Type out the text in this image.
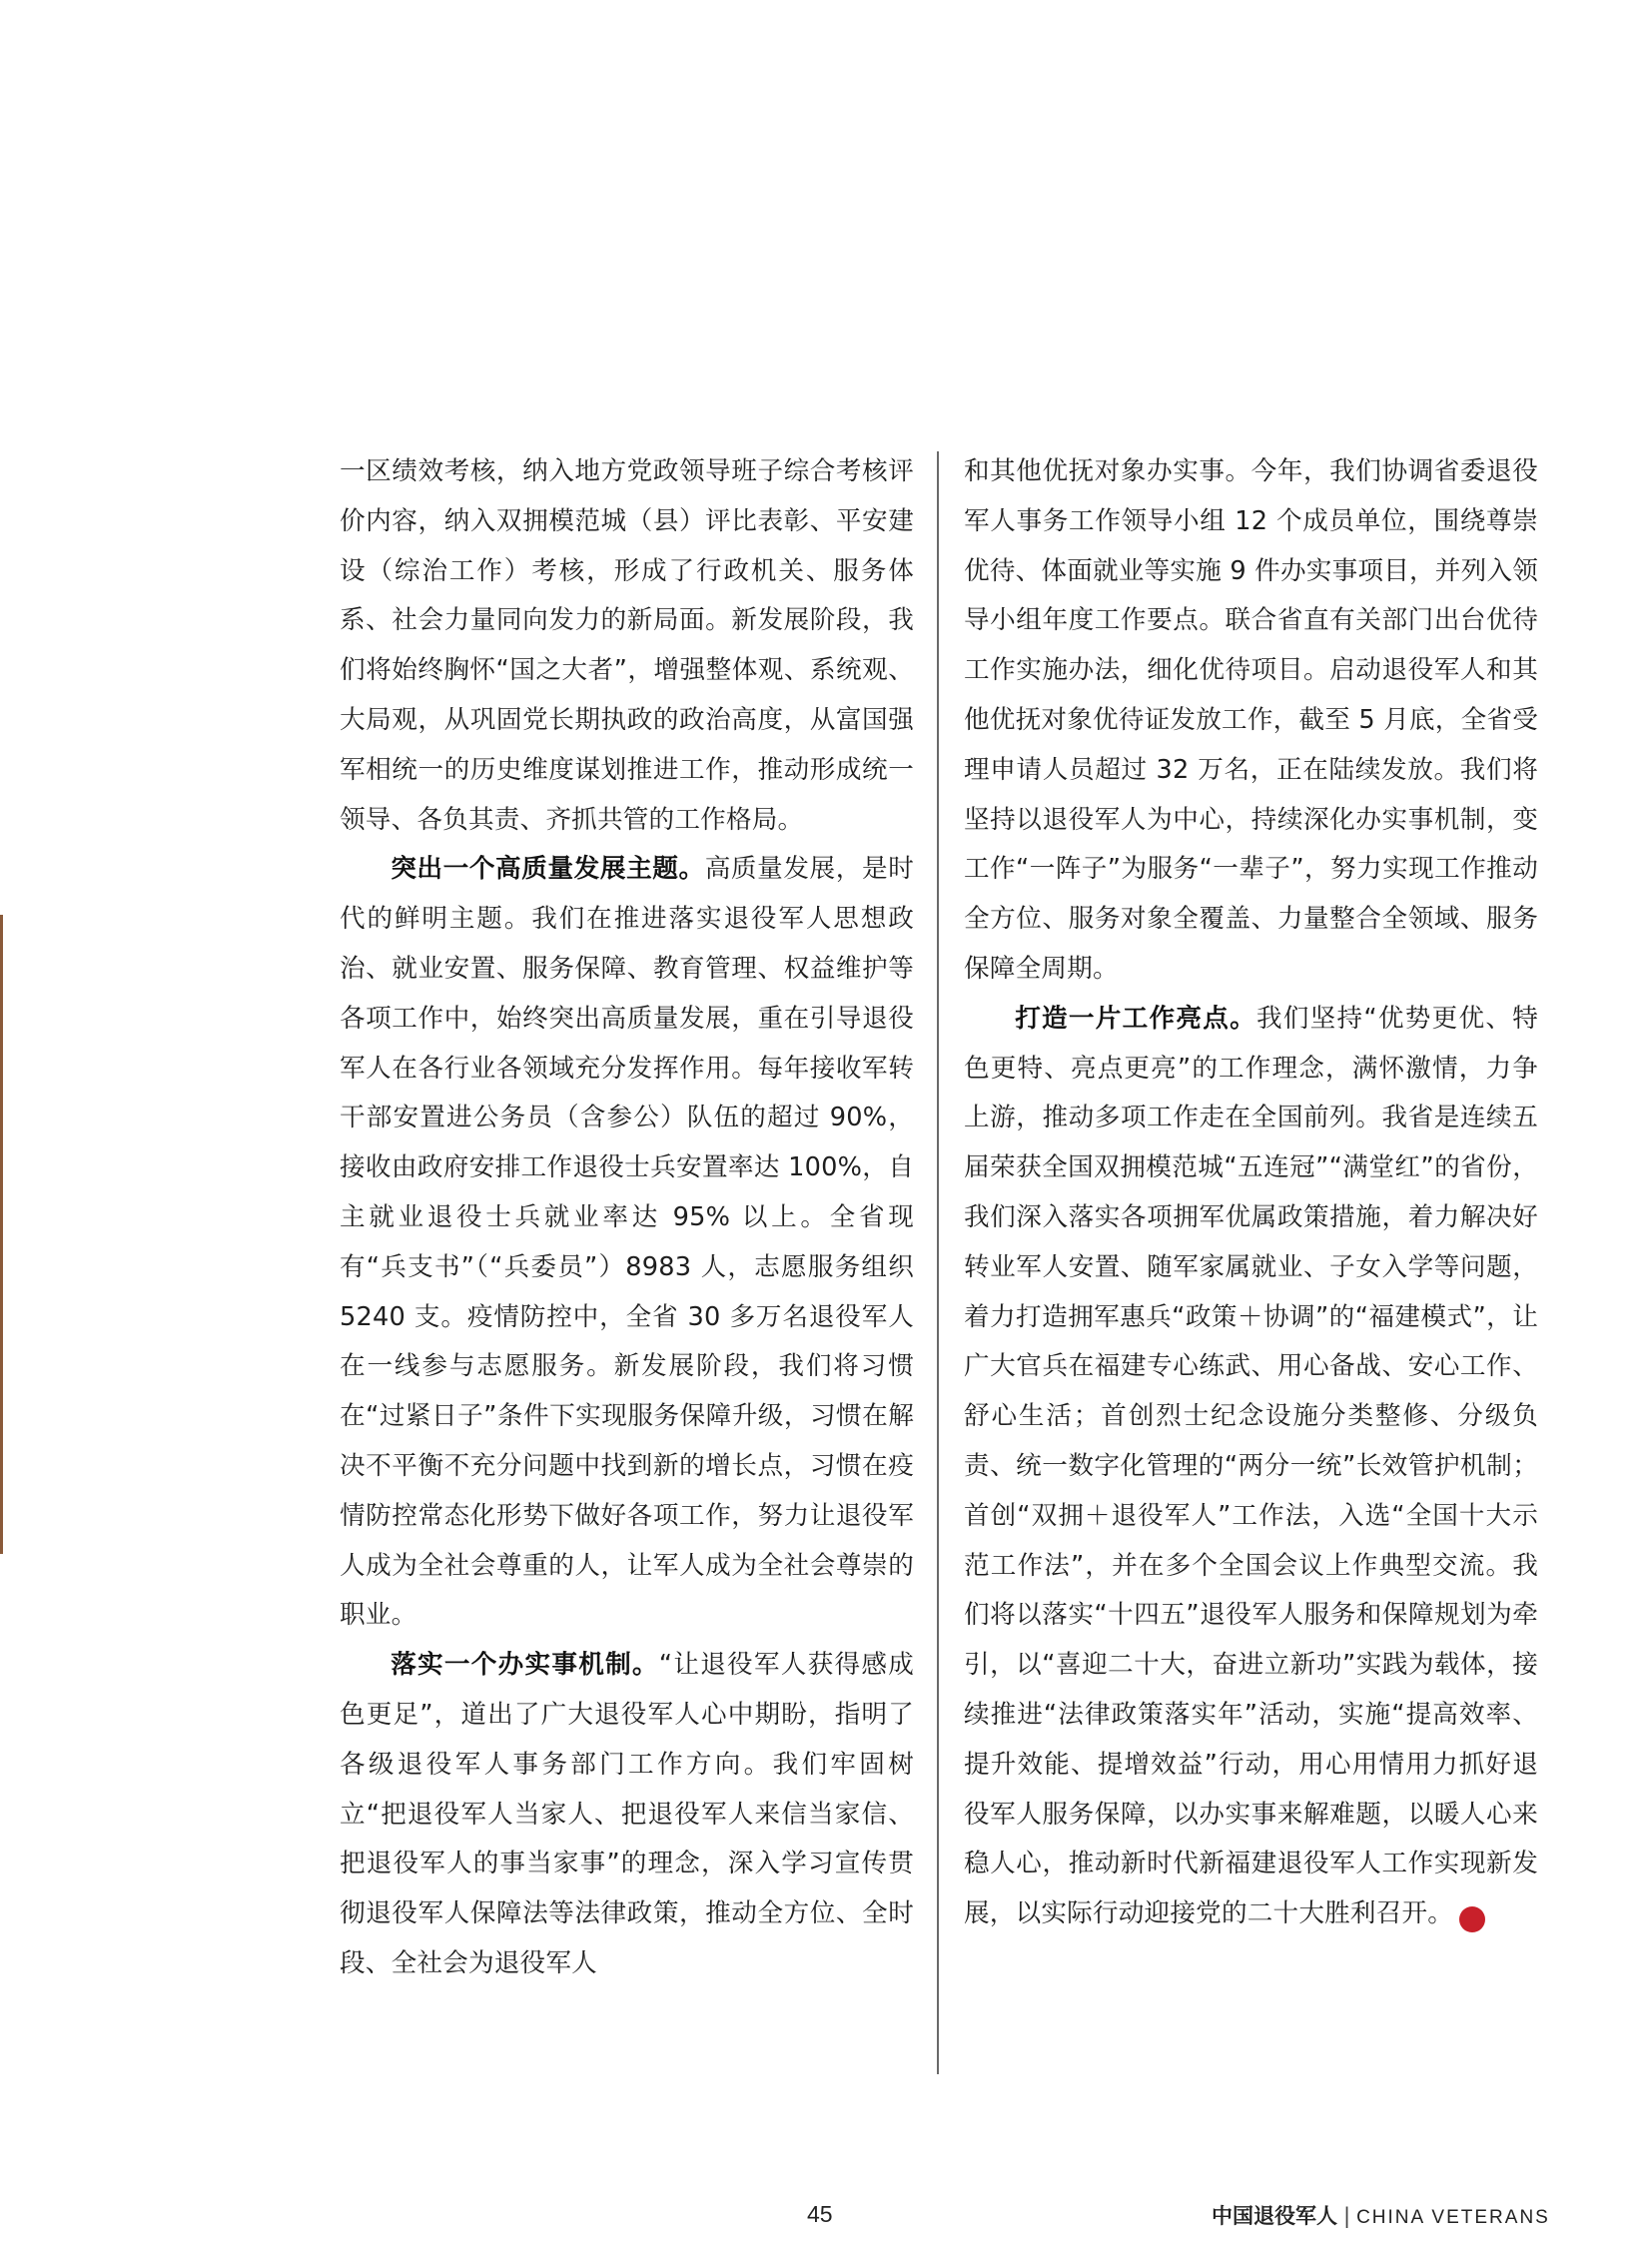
一区绩效考核，纳入地方党政领导班子综合考核评价内容，纳入双拥模范城（县）评比表彰、平安建设（综治工作）考核，形成了行政机关、服务体系、社会力量同向发力的新局面。新发展阶段，我们将始终胸怀“国之大者”，增强整体观、系统观、大局观，从巩固党长期执政的政治高度，从富国强军相统一的历史维度谋划推进工作，推动形成统一领导、各负其责、齐抓共管的工作格局。

突出一个高质量发展主题。高质量发展，是时代的鲜明主题。我们在推进落实退役军人思想政治、就业安置、服务保障、教育管理、权益维护等各项工作中，始终突出高质量发展，重在引导退役军人在各行业各领域充分发挥作用。每年接收军转干部安置进公务员（含参公）队伍的超过 90%，接收由政府安排工作退役士兵安置率达 100%，自主就业退役士兵就业率达 95% 以上。全省现有“兵支书”（“兵委员”）8983 人，志愿服务组织 5240 支。疫情防控中，全省 30 多万名退役军人在一线参与志愿服务。新发展阶段，我们将习惯在“过紧日子”条件下实现服务保障升级，习惯在解决不平衡不充分问题中找到新的增长点，习惯在疫情防控常态化形势下做好各项工作，努力让退役军人成为全社会尊重的人，让军人成为全社会尊崇的职业。

落实一个办实事机制。“让退役军人获得感成色更足”，道出了广大退役军人心中期盼，指明了各级退役军人事务部门工作方向。我们牢固树立“把退役军人当家人、把退役军人来信当家信、把退役军人的事当家事”的理念，深入学习宣传贯彻退役军人保障法等法律政策，推动全方位、全时段、全社会为退役军人

和其他优抚对象办实事。今年，我们协调省委退役军人事务工作领导小组 12 个成员单位，围绕尊崇优待、体面就业等实施 9 件办实事项目，并列入领导小组年度工作要点。联合省直有关部门出台优待工作实施办法，细化优待项目。启动退役军人和其他优抚对象优待证发放工作，截至 5 月底，全省受理申请人员超过 32 万名，正在陆续发放。我们将坚持以退役军人为中心，持续深化办实事机制，变工作“一阵子”为服务“一辈子”，努力实现工作推动全方位、服务对象全覆盖、力量整合全领域、服务保障全周期。

打造一片工作亮点。我们坚持“优势更优、特色更特、亮点更亮”的工作理念，满怀激情，力争上游，推动多项工作走在全国前列。我省是连续五届荣获全国双拥模范城“五连冠”“满堂红”的省份，我们深入落实各项拥军优属政策措施，着力解决好转业军人安置、随军家属就业、子女入学等问题，着力打造拥军惠兵“政策＋协调”的“福建模式”，让广大官兵在福建专心练武、用心备战、安心工作、舒心生活；首创烈士纪念设施分类整修、分级负责、统一数字化管理的“两分一统”长效管护机制；首创“双拥＋退役军人”工作法，入选“全国十大示范工作法”，并在多个全国会议上作典型交流。我们将以落实“十四五”退役军人服务和保障规划为牵引，以“喜迎二十大，奋进立新功”实践为载体，接续推进“法律政策落实年”活动，实施“提高效率、提升效能、提增效益”行动，用心用情用力抓好退役军人服务保障，以办实事来解难题，以暖人心来稳人心，推动新时代新福建退役军人工作实现新发展，以实际行动迎接党的二十大胜利召开。	V

45	中国退役军人 | CHINA VETERANS
